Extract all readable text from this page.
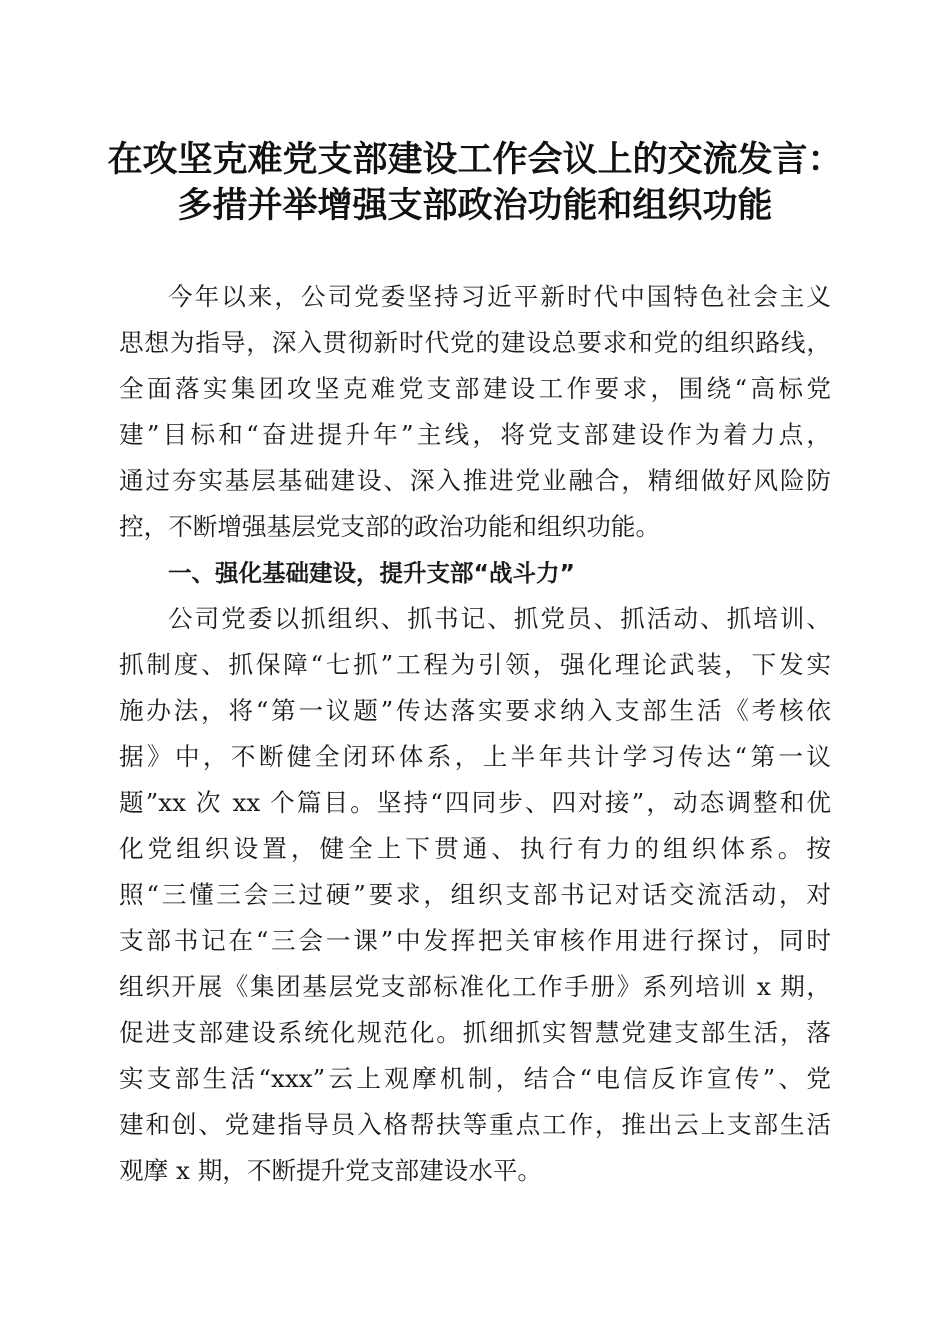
在攻坚克难党支部建设工作会议上的交流发言：
多措并举增强支部政治功能和组织功能
今年以来，公司党委坚持习近平新时代中国特色社会主义
思想为指导，深入贯彻新时代党的建设总要求和党的组织路线，
全面落实集团攻坚克难党支部建设工作要求，围绕“高标党
建”目标和“奋进提升年”主线，将党支部建设作为着力点，
通过夯实基层基础建设、深入推进党业融合，精细做好风险防
控，不断增强基层党支部的政治功能和组织功能。
一、强化基础建设，提升支部“战斗力”
公司党委以抓组织、抓书记、抓党员、抓活动、抓培训、
抓制度、抓保障“七抓”工程为引领，强化理论武装，下发实
施办法，将“第一议题”传达落实要求纳入支部生活《考核依
据》中，不断健全闭环体系，上半年共计学习传达“第一议
题”xx 次 xx 个篇目。坚持“四同步、四对接”，动态调整和优
化党组织设置，健全上下贯通、执行有力的组织体系。按
照“三懂三会三过硬”要求，组织支部书记对话交流活动，对
支部书记在“三会一课”中发挥把关审核作用进行探讨，同时
组织开展《集团基层党支部标准化工作手册》系列培训 x 期，
促进支部建设系统化规范化。抓细抓实智慧党建支部生活，落
实支部生活“xxx”云上观摩机制，结合“电信反诈宣传”、党
建和创、党建指导员入格帮扶等重点工作，推出云上支部生活
观摩 x 期，不断提升党支部建设水平。
